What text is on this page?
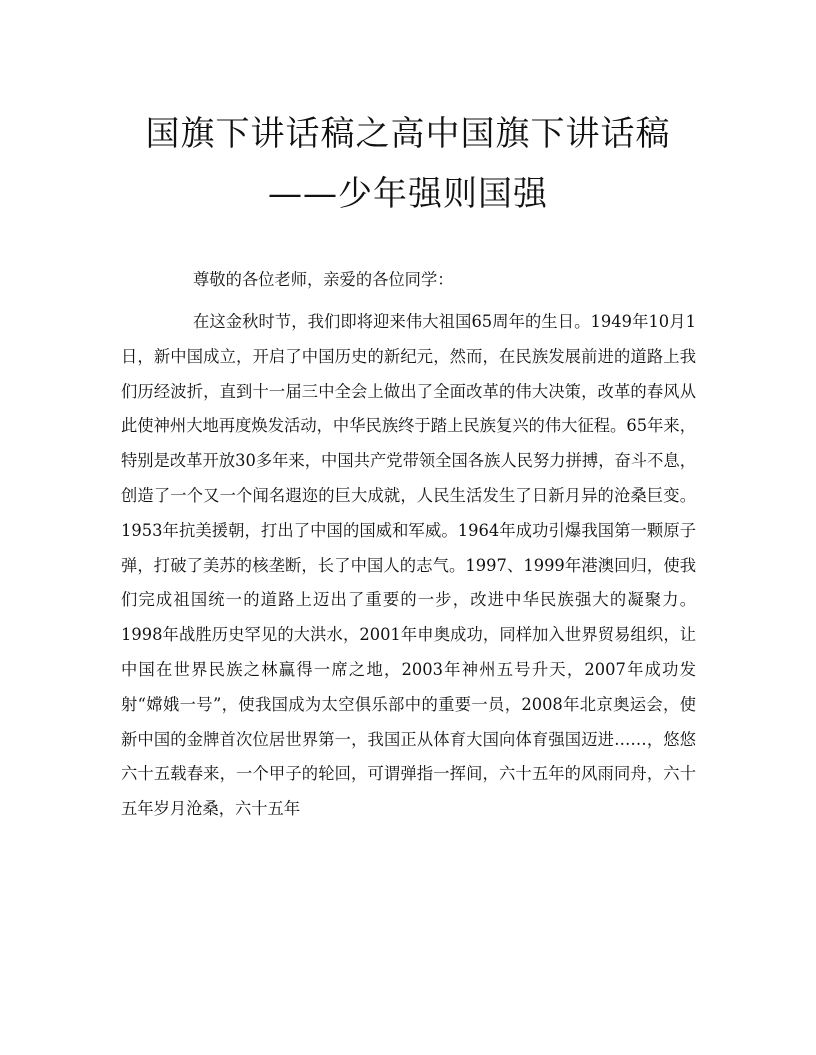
国旗下讲话稿之高中国旗下讲话稿
——少年强则国强
尊敬的各位老师，亲爱的各位同学：
在这金秋时节，我们即将迎来伟大祖国65周年的生日。1949年10月1日，新中国成立，开启了中国历史的新纪元，然而，在民族发展前进的道路上我们历经波折，直到十一届三中全会上做出了全面改革的伟大决策，改革的春风从此使神州大地再度焕发活动，中华民族终于踏上民族复兴的伟大征程。65年来，特别是改革开放30多年来，中国共产党带领全国各族人民努力拼搏，奋斗不息，创造了一个又一个闻名遐迩的巨大成就，人民生活发生了日新月异的沧桑巨变。1953年抗美援朝，打出了中国的国威和军威。1964年成功引爆我国第一颗原子弹，打破了美苏的核垄断，长了中国人的志气。1997、1999年港澳回归，使我们完成祖国统一的道路上迈出了重要的一步，改进中华民族强大的凝聚力。1998年战胜历史罕见的大洪水，2001年申奥成功，同样加入世界贸易组织，让中国在世界民族之林赢得一席之地，2003年神州五号升天，2007年成功发射“嫦娥一号”，使我国成为太空俱乐部中的重要一员，2008年北京奥运会，使新中国的金牌首次位居世界第一，我国正从体育大国向体育强国迈进……，悠悠六十五载春来，一个甲子的轮回，可谓弹指一挥间，六十五年的风雨同舟，六十五年岁月沧桑，六十五年
